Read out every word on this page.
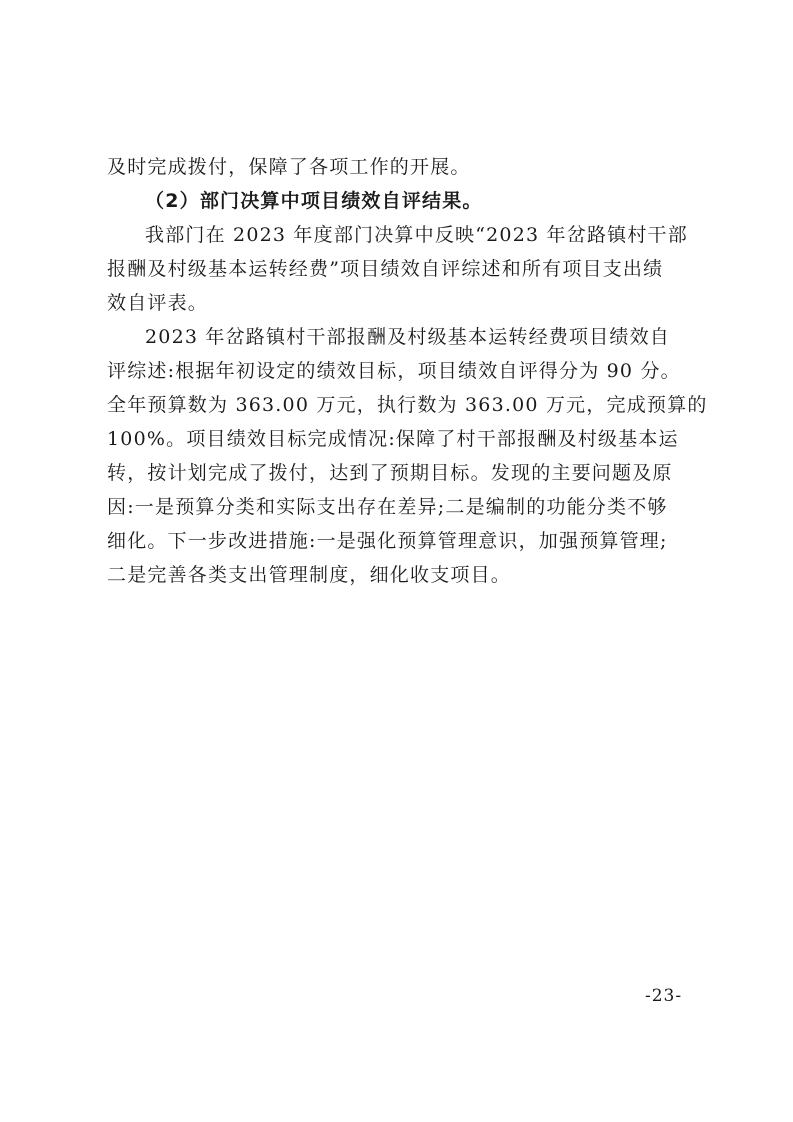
及时完成拨付，保障了各项工作的开展。
（2）部门决算中项目绩效自评结果。
我部门在 2023 年度部门决算中反映“2023 年岔路镇村干部
报酬及村级基本运转经费”项目绩效自评综述和所有项目支出绩
效自评表。
2023 年岔路镇村干部报酬及村级基本运转经费项目绩效自
评综述:根据年初设定的绩效目标，项目绩效自评得分为 90 分。
全年预算数为 363.00 万元，执行数为 363.00 万元，完成预算的
100%。项目绩效目标完成情况:保障了村干部报酬及村级基本运
转，按计划完成了拨付，达到了预期目标。发现的主要问题及原
因:一是预算分类和实际支出存在差异;二是编制的功能分类不够
细化。下一步改进措施:一是强化预算管理意识，加强预算管理;
二是完善各类支出管理制度，细化收支项目。
-23-
